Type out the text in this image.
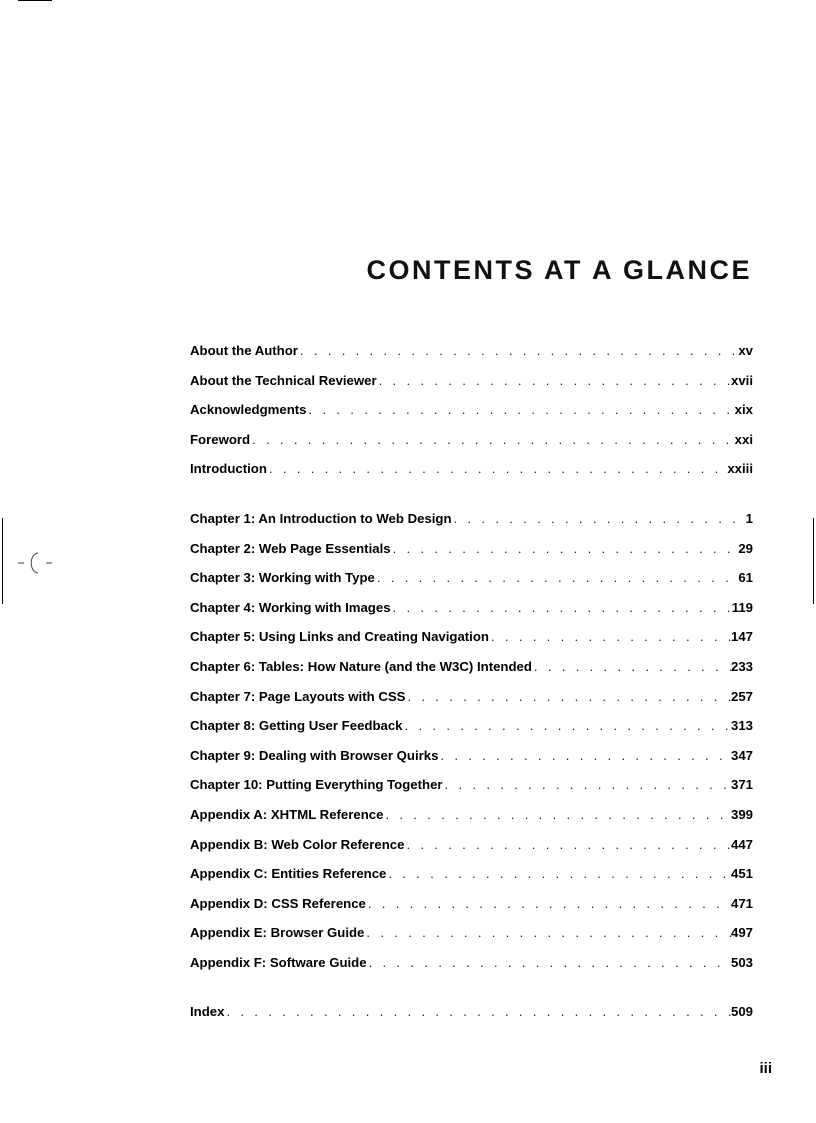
CONTENTS AT A GLANCE
About the Author . . .	xv
About the Technical Reviewer . . .	xvii
Acknowledgments . . .	xix
Foreword . . .	xxi
Introduction . . .	xxiii
Chapter 1: An Introduction to Web Design . . .	1
Chapter 2: Web Page Essentials . . .	29
Chapter 3: Working with Type . . .	61
Chapter 4: Working with Images . . .	119
Chapter 5: Using Links and Creating Navigation . . .	147
Chapter 6: Tables: How Nature (and the W3C) Intended . . .	233
Chapter 7: Page Layouts with CSS . . .	257
Chapter 8: Getting User Feedback . . .	313
Chapter 9: Dealing with Browser Quirks . . .	347
Chapter 10: Putting Everything Together . . .	371
Appendix A: XHTML Reference . . .	399
Appendix B: Web Color Reference . . .	447
Appendix C: Entities Reference . . .	451
Appendix D: CSS Reference . . .	471
Appendix E: Browser Guide . . .	497
Appendix F: Software Guide . . .	503
Index . . .	509
iii
